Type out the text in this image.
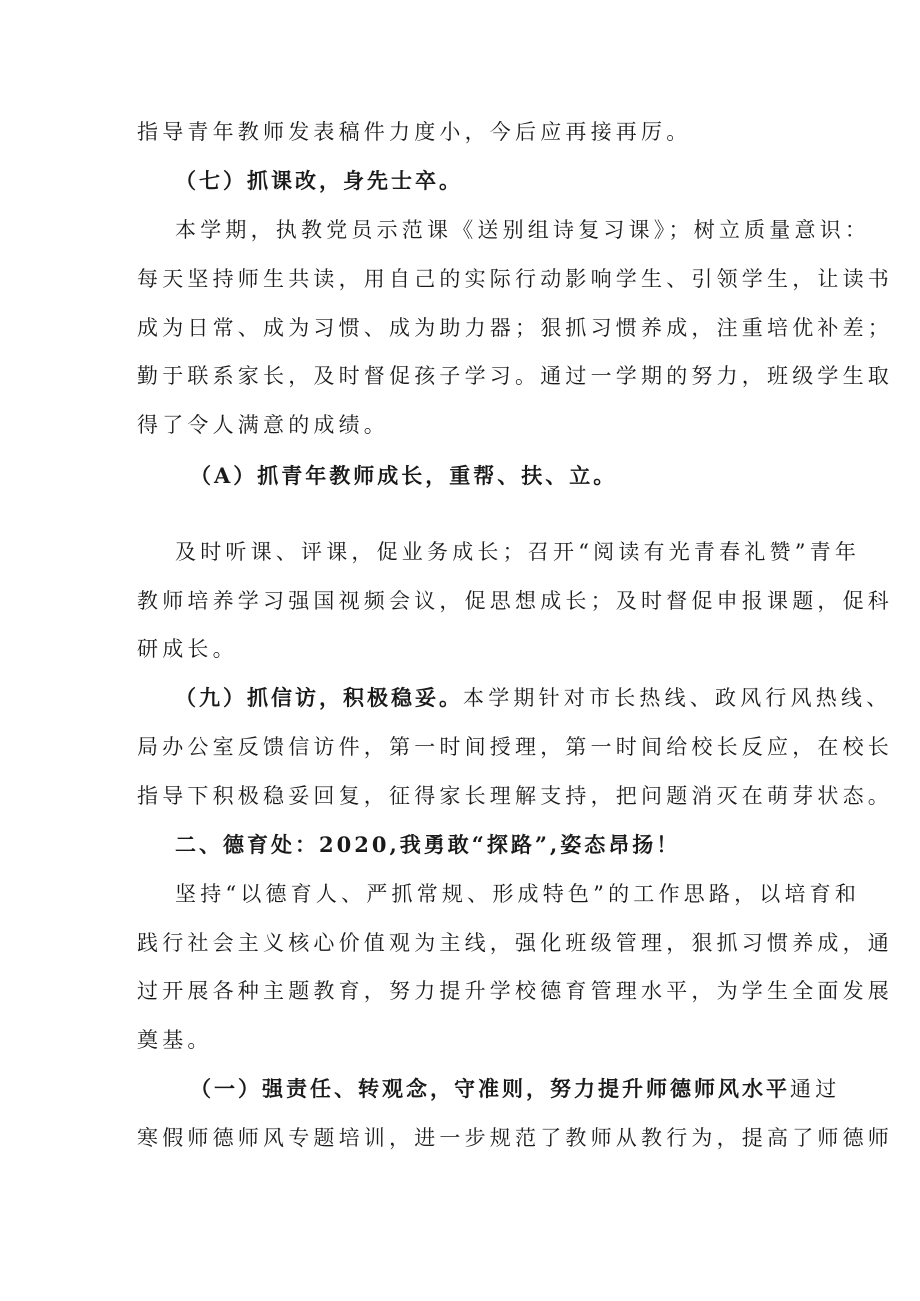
指导青年教师发表稿件力度小，今后应再接再厉。
（七）抓课改，身先士卒。
本学期，执教党员示范课《送别组诗复习课》；树立质量意识：
每天坚持师生共读，用自己的实际行动影响学生、引领学生，让读书
成为日常、成为习惯、成为助力器；狠抓习惯养成，注重培优补差；
勤于联系家长，及时督促孩子学习。通过一学期的努力，班级学生取
得了令人满意的成绩。
（A）抓青年教师成长，重帮、扶、立。
及时听课、评课，促业务成长；召开“阅读有光青春礼赞”青年
教师培养学习强国视频会议，促思想成长；及时督促申报课题，促科
研成长。
（九）抓信访，积极稳妥。本学期针对市长热线、政风行风热线、
局办公室反馈信访件，第一时间授理，第一时间给校长反应，在校长
指导下积极稳妥回复，征得家长理解支持，把问题消灭在萌芽状态。
二、德育处：2020,我勇敢“探路”,姿态昂扬！
坚持“以德育人、严抓常规、形成特色”的工作思路，以培育和
践行社会主义核心价值观为主线，强化班级管理，狠抓习惯养成，通
过开展各种主题教育，努力提升学校德育管理水平，为学生全面发展
奠基。
（一）强责任、转观念，守准则，努力提升师德师风水平通过
寒假师德师风专题培训，进一步规范了教师从教行为，提高了师德师
